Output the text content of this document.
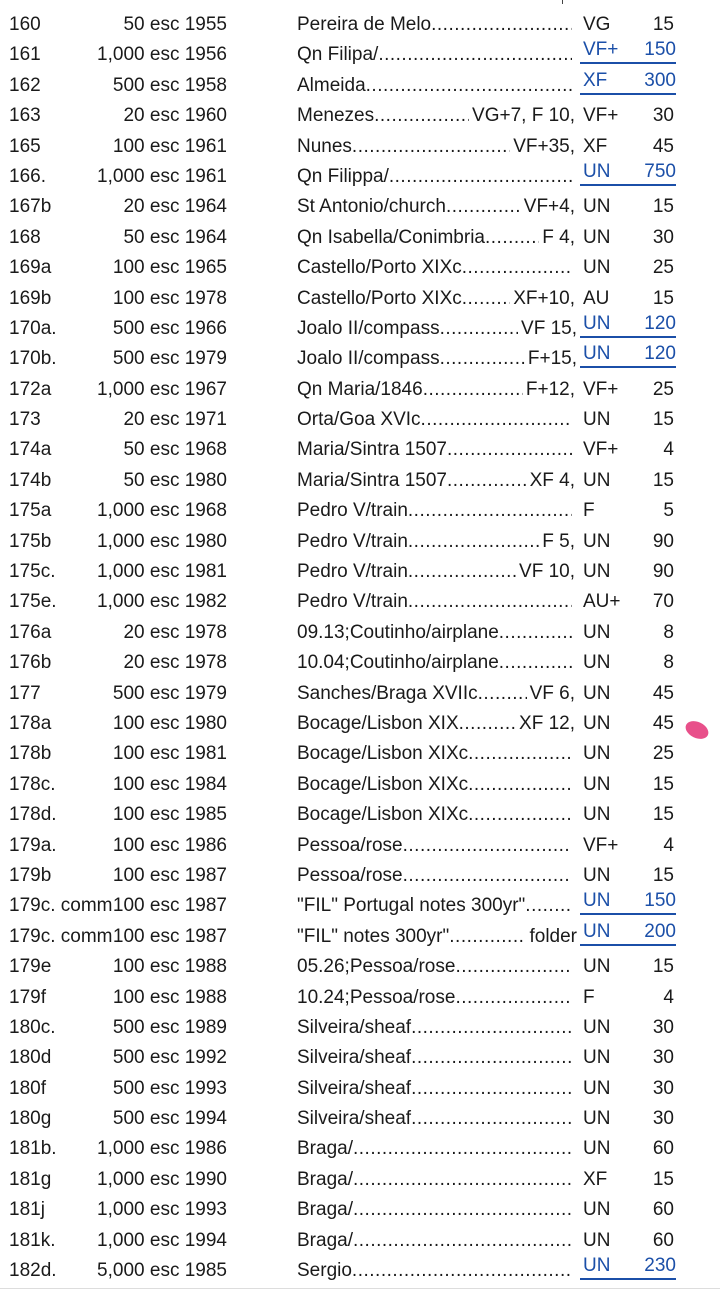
160	50 esc 1955	Pereira de Melo .....	VG 15
161	1,000 esc 1956	Qn Filipa/ .....	VF+ 150
162	500 esc 1958	Almeida .....	XF 300
163	20 esc 1960	Menezes .....	VG+7, F 10, VF+ 30
165	100 esc 1961	Nunes .....	VF+35, XF 45
166.	1,000 esc 1961	Qn Filippa/ .....	UN 750
167b	20 esc 1964	St Antonio/church .....	VF+4, UN 15
168	50 esc 1964	Qn Isabella/Conimbria .....	F 4, UN 30
169a	100 esc 1965	Castello/Porto XIXc .....	UN 25
169b	100 esc 1978	Castello/Porto XIXc .....	XF+10, AU 15
170a.	500 esc 1966	Joalo II/compass .....	VF 15, UN 120
170b.	500 esc 1979	Joalo II/compass .....	F+15, UN 120
172a 1,000 esc 1967	Qn Maria/1846 .....	F+12, VF+ 25
173	20 esc 1971	Orta/Goa XVIc .....	UN 15
174a	50 esc 1968	Maria/Sintra 1507 .....	VF+ 4
174b	50 esc 1980	Maria/Sintra 1507 .....	XF 4, UN 15
175a 1,000 esc 1968	Pedro V/train .....	F	5
175b 1,000 esc 1980	Pedro V/train .....	F 5, UN 90
175c. 1,000 esc 1981	Pedro V/train .....	VF 10, UN 90
175e. 1,000 esc 1982	Pedro V/train .....	AU+ 70
176a	20 esc 1978	09.13;Coutinho/airplane .....	UN	8
176b	20 esc 1978	10.04;Coutinho/airplane .....	UN	8
177	500 esc 1979	Sanches/Braga XVIIc .....	VF 6, UN 45
178a	100 esc 1980	Bocage/Lisbon XIX .....	XF 12, UN 45
178b	100 esc 1981	Bocage/Lisbon XIXc .....	UN 25
178c.	100 esc 1984	Bocage/Lisbon XIXc .....	UN 15
178d.	100 esc 1985	Bocage/Lisbon XIXc .....	UN 15
179a.	100 esc 1986	Pessoa/rose .....	VF+ 4
179b	100 esc 1987	Pessoa/rose .....	UN 15
179c. comm 100 esc 1987	"FIL" Portugal notes 300yr" .....	UN 150
179c. comm 100 esc 1987	"FIL" notes 300yr" .....	folder UN 200
179e	100 esc 1988	05.26;Pessoa/rose .....	UN 15
179f	100 esc 1988	10.24;Pessoa/rose .....	F	4
180c.	500 esc 1989	Silveira/sheaf .....	UN 30
180d	500 esc 1992	Silveira/sheaf .....	UN 30
180f	500 esc 1993	Silveira/sheaf .....	UN 30
180g	500 esc 1994	Silveira/sheaf .....	UN 30
181b. 1,000 esc 1986	Braga/ .....	UN 60
181g 1,000 esc 1990	Braga/ .....	XF 15
181j	1,000 esc 1993	Braga/ .....	UN 60
181k. 1,000 esc 1994	Braga/ .....	UN 60
182d. 5,000 esc 1985	Sergio .....	UN 230
